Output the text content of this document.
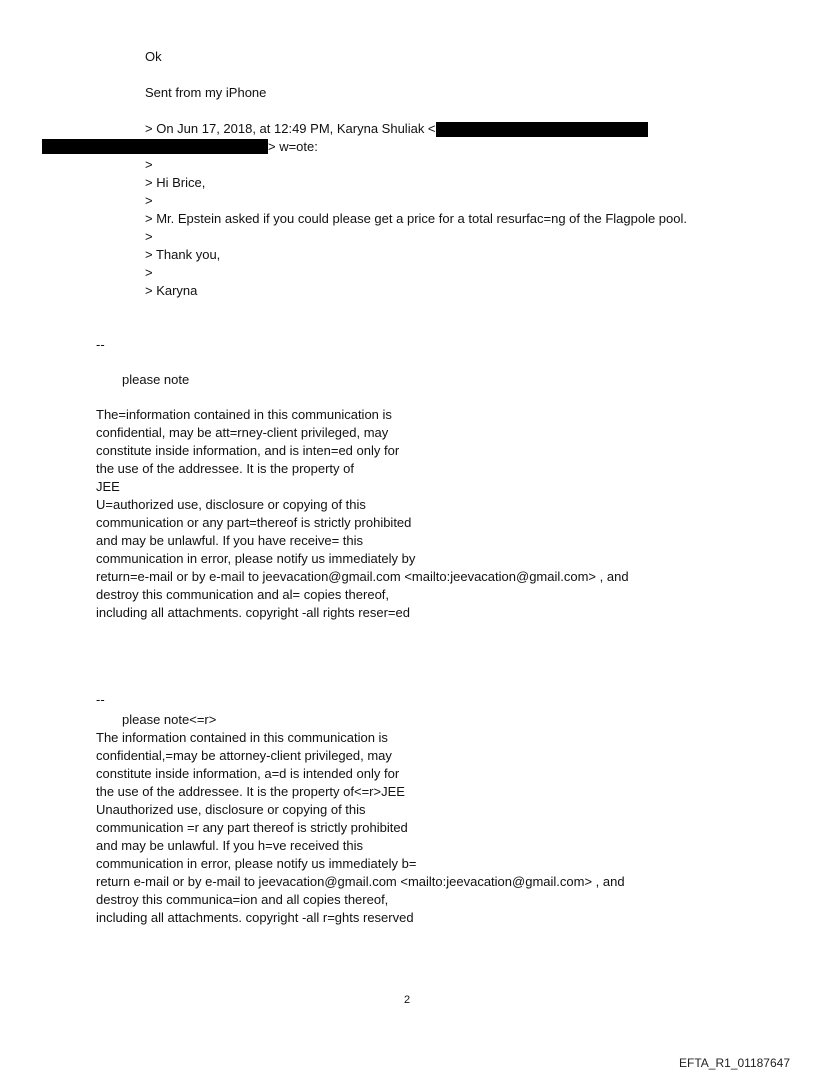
Ok
Sent from my iPhone
> On Jun 17, 2018, at 12:49 PM, Karyna Shuliak <
> w=ote:
>
> Hi Brice,
>
> Mr. Epstein asked if you could please get a price for a total resurfac=ng of the Flagpole pool.
>
> Thank you,
>
> Karyna
--
please note
The=information contained in this communication is
confidential, may be att=rney-client privileged, may
constitute inside information, and is inten=ed only for
the use of the addressee. It is the property of
JEE
U=authorized use, disclosure or copying of this
communication or any part=thereof is strictly prohibited
and may be unlawful. If you have receive= this
communication in error, please notify us immediately by
return=e-mail or by e-mail to jeevacation@gmail.com <mailto:jeevacation@gmail.com> , and
destroy this communication and al= copies thereof,
including all attachments. copyright -all rights reser=ed
--
please note<=r>
The information contained in this communication is
confidential,=may be attorney-client privileged, may
constitute inside information, a=d is intended only for
the use of the addressee. It is the property of<=r>JEE
Unauthorized use, disclosure or copying of this
communication =r any part thereof is strictly prohibited
and may be unlawful. If you h=ve received this
communication in error, please notify us immediately b=
return e-mail or by e-mail to jeevacation@gmail.com <mailto:jeevacation@gmail.com> , and
destroy this communica=ion and all copies thereof,
including all attachments. copyright -all r=ghts reserved
2
EFTA_R1_01187647
